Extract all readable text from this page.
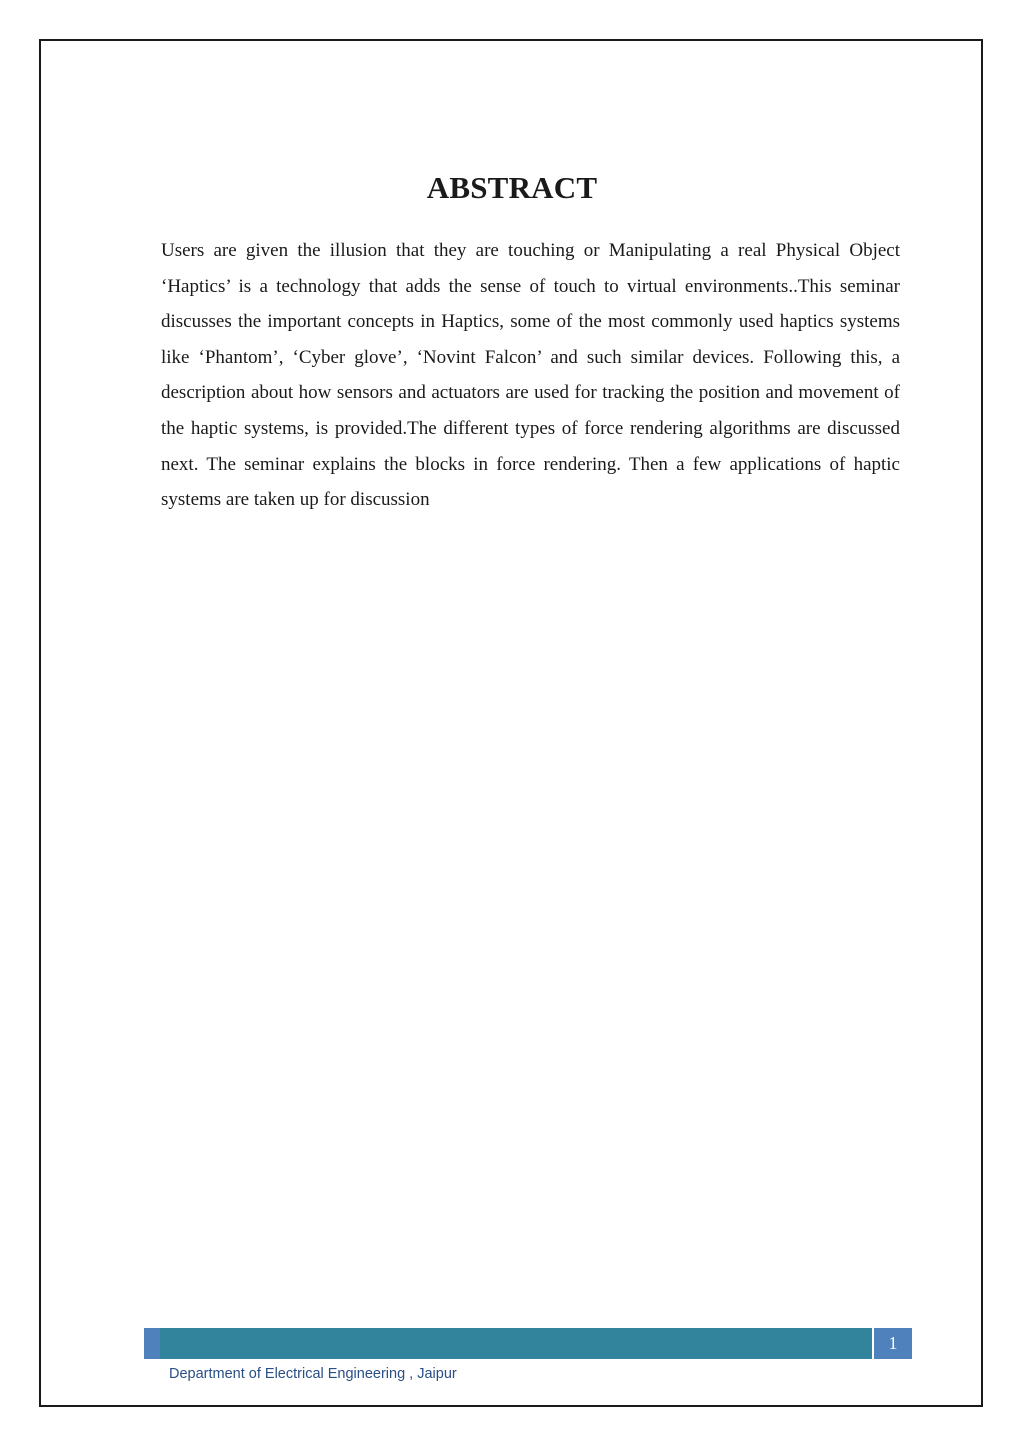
ABSTRACT

Users are given the illusion that they are touching or Manipulating a real Physical Object ‘Haptics’ is a technology that adds the sense of touch to virtual environments..This seminar discusses the important concepts in Haptics, some of the most commonly used haptics systems like ‘Phantom’, ‘Cyber glove’, ‘Novint Falcon’ and such similar devices. Following this, a description about how sensors and actuators are used for tracking the position and movement of the haptic systems, is provided.The different types of force rendering algorithms are discussed next. The seminar explains the blocks in force rendering. Then a few applications of haptic systems are taken up for discussion

1
Department of Electrical Engineering , Jaipur
